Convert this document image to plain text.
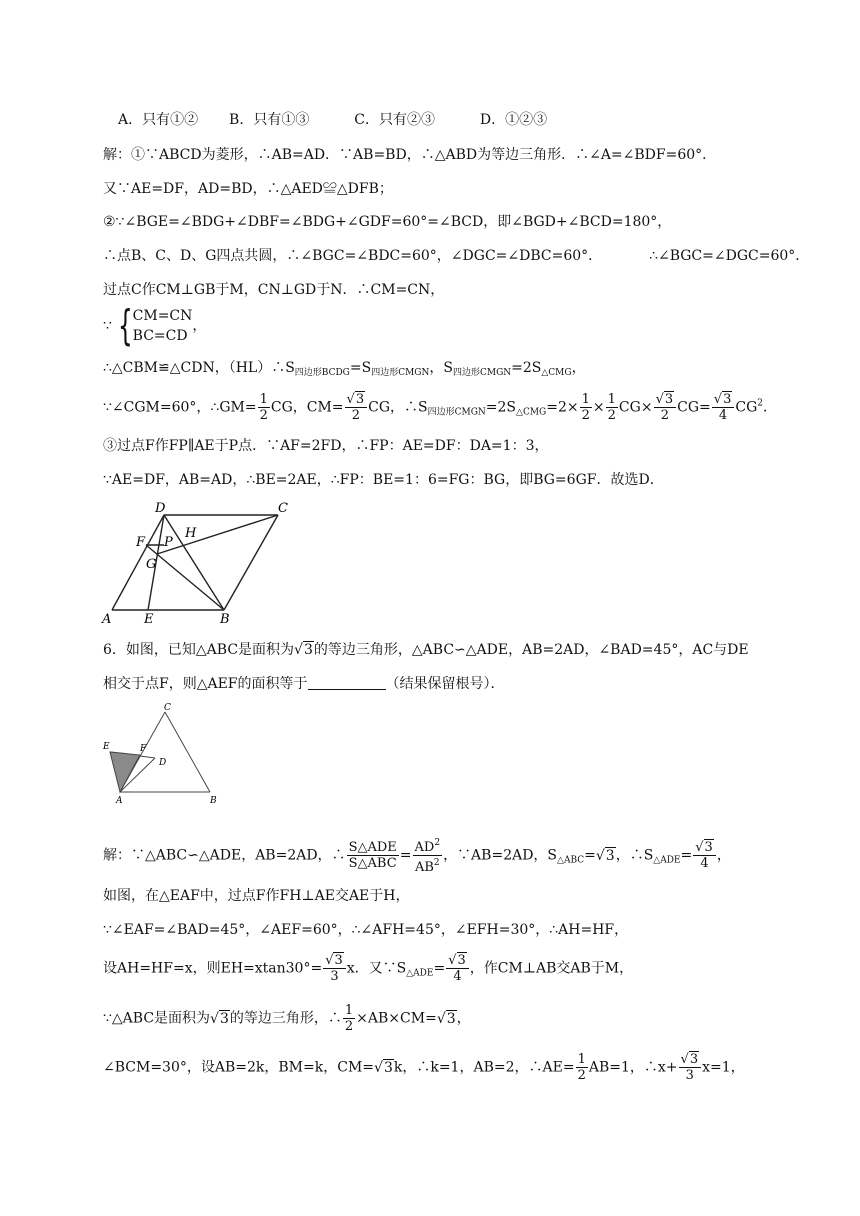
A．只有①② B．只有①③	C．只有②③	D．①②③
解：①∵ABCD为菱形，∴AB=AD．∵AB=BD，∴△ABD为等边三角形．∴∠A=∠BDF=60°．
又∵AE=DF，AD=BD，∴△AED≌△DFB；
②∵∠BGE=∠BDG+∠DBF=∠BDG+∠GDF=60°=∠BCD，即∠BGD+∠BCD=180°，
∴点B、C、D、G四点共圆，∴∠BGC=∠BDC=60°，∠DGC=∠DBC=60°．	∴∠BGC=∠DGC=60°．
过点C作CM⊥GB于M，CN⊥GD于N．∴CM=CN，
∵ { CM=CN
BC=CD
，
∴△CBM≌△CDN，$(HL)\therefore S_{四边形BCDG}=S_{四边形CMGN}$，$S_{四边形CMGN}=2S_{\triangle CMG}$，
∵∠CGM=60°，∴GM= $\frac{1}{2}$ CG，$CM= \frac{√3}{2}$ CG，$\therefore S_{四边形CMGN}=2S_{\triangle CMG}=2\times \frac{1}{2} \times \frac{1}{2} CG\times \frac{√3}{2} CG= \frac{√3}{4} CG^2$．
③过点F作FP∥AE于P点．∵AF=2FD，∴FP：AE=DF：DA=1：3，
∵AE=DF，AB=AD，∴BE=2AE，∴FP：BE=1：6=FG：BG，即BG=6GF．故选D．
D	C
A	E	B
F P
G
H
6．如图，已知△ABC是面积为√3的等边三角形，△ABC∽△ADE，AB=2AD，∠BAD=45°，AC与DE
相交于点F，则△AEF的面积等于	（结果保留根号）．
E	F
D
C
A	B
解：∵△ABC∽△ADE，AB=2AD，∴ $\frac{\text{S△ADE}}{\text{S△ABC}} = \frac{AD^2}{AB^2}$ ，∵AB=2AD，$S_{\triangle ABC}=√3$，$\therefore S_{\triangle ADE}= \frac{√3}{4}$ ，
如图，在△EAF中，过点F作FH⊥AE交AE于H，
∵∠EAF=∠BAD=45°，∠AEF=60°，∴∠AFH=45°，∠EFH=30°，∴AH=HF，
设AH=HF=x，则$EH=xtan30^\circ= \frac{√3}{3}$ x．又$\because S_{\triangle ADE}= \frac{√3}{4}$ ，作CM⊥AB交AB于M，
∵△ABC是面积为√3的等边三角形，∴ $\frac{1}{2} \times AB\times CM=√3$，
∠BCM=30°，设AB=2k，BM=k，CM=√3k，∴k=1，AB=2，∴AE= $\frac{1}{2} AB=1$，∴x+ $\frac{√3}{3} x=1$，
